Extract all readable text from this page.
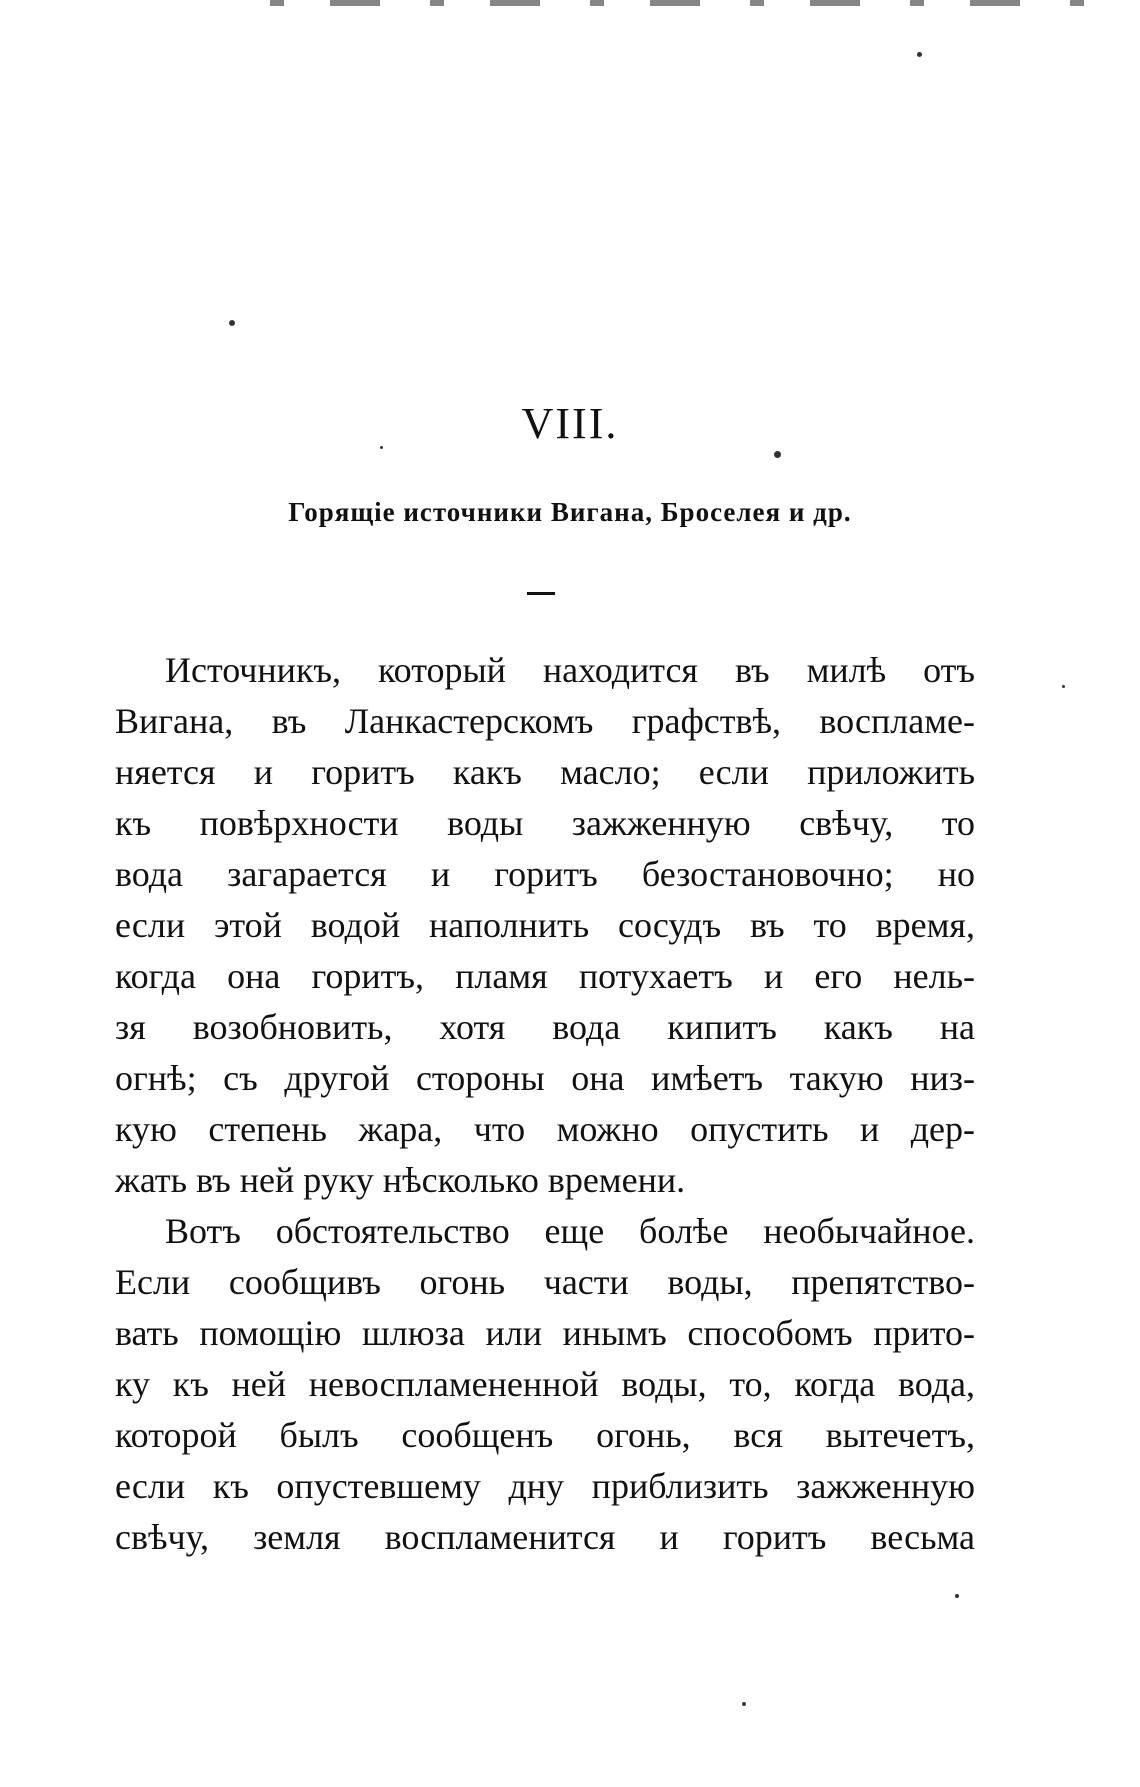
VIII.
Горящіе источники Вигана, Броселея и др.
Источникъ, который находится въ милѣ отъ
Вигана, въ Ланкастерскомъ графствѣ, воспламе-
няется и горитъ какъ масло; если приложить
къ повѣрхности воды зажженную свѣчу, то
вода загарается и горитъ безостановочно; но
если этой водой наполнить сосудъ въ то время,
когда она горитъ, пламя потухаетъ и его нель-
зя возобновить, хотя вода кипитъ какъ на
огнѣ; съ другой стороны она имѣетъ такую низ-
кую степень жара, что можно опустить и дер-
жать въ ней руку нѣсколько времени.
Вотъ обстоятельство еще болѣе необычайное.
Если сообщивъ огонь части воды, препятство-
вать помощію шлюза или инымъ способомъ прито-
ку къ ней невоспламененной воды, то, когда вода,
которой былъ сообщенъ огонь, вся вытечетъ,
если къ опустевшему дну приблизить зажженную
свѣчу, земля воспламенится и горитъ весьма
